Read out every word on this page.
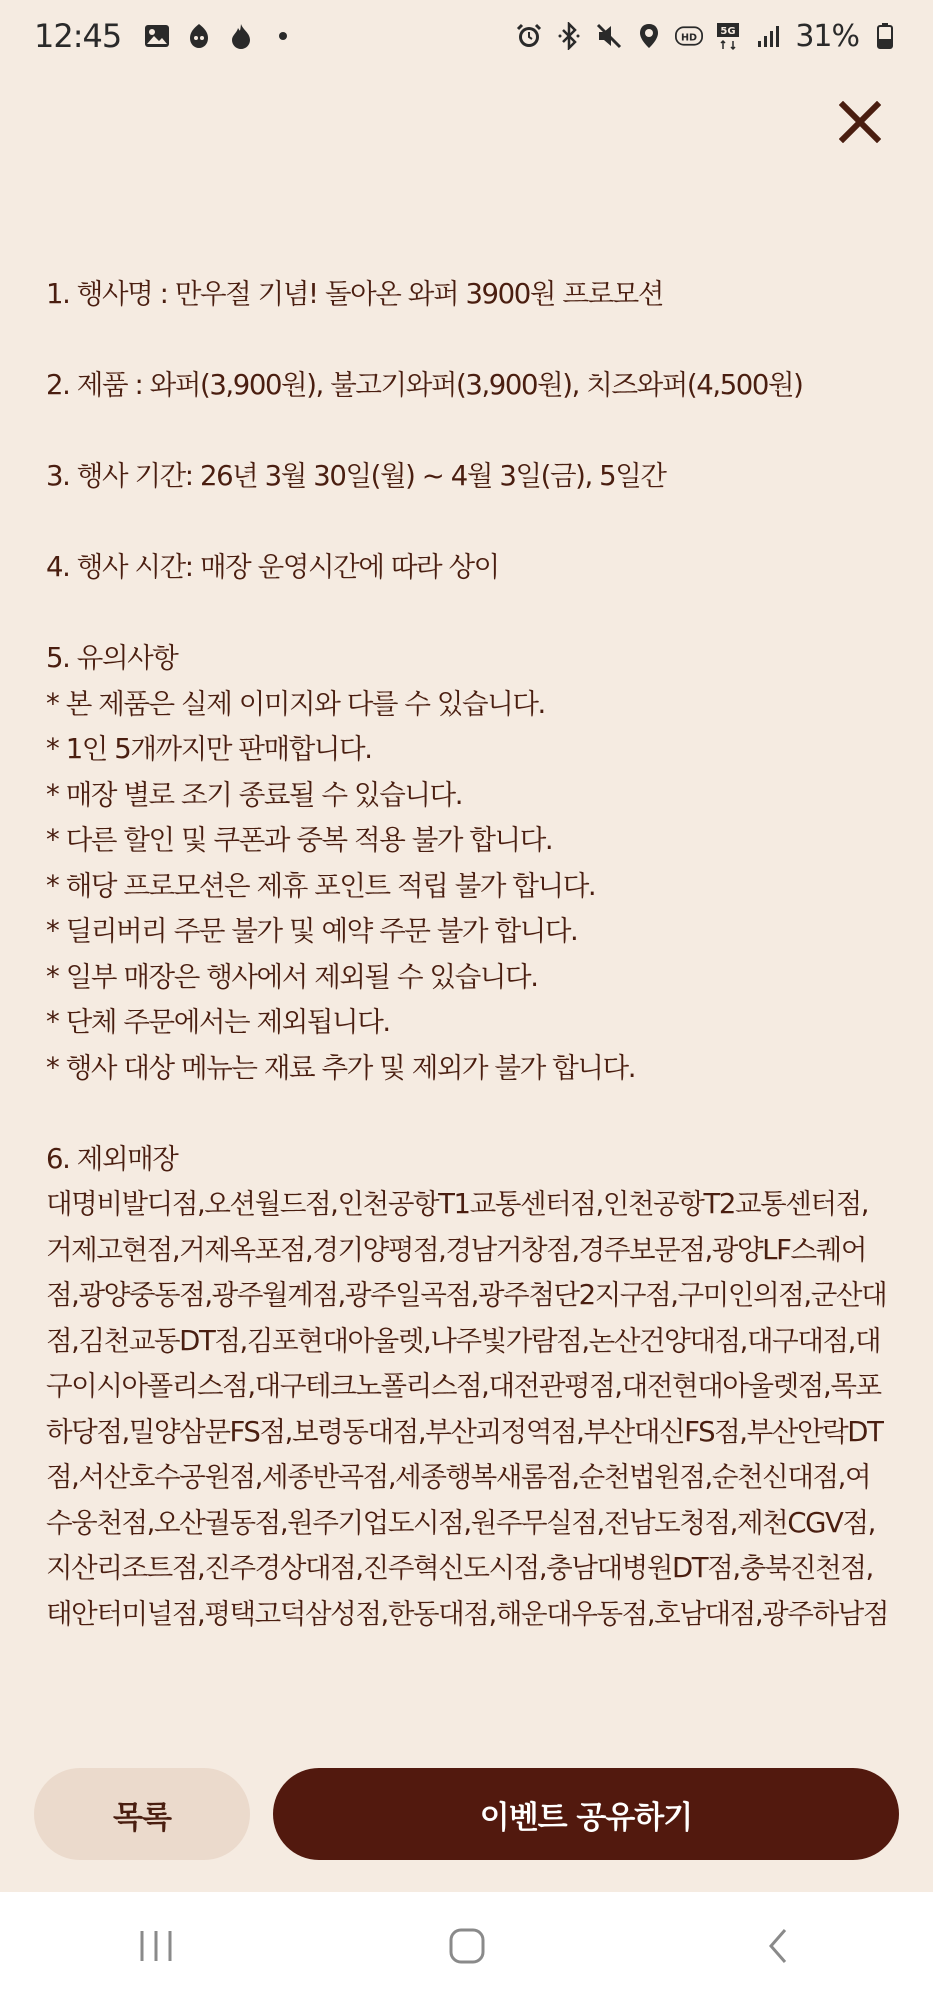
12:45	HD
5G 31%

1. 행사명 : 만우절 기념! 돌아온 와퍼 3900원 프로모션

2. 제품 : 와퍼(3,900원), 불고기와퍼(3,900원), 치즈와퍼(4,500원)

3. 행사 기간: 26년 3월 30일(월) ~ 4월 3일(금), 5일간

4. 행사 시간: 매장 운영시간에 따라 상이

5. 유의사항

* 본 제품은 실제 이미지와 다를 수 있습니다.

* 1인 5개까지만 판매합니다.

* 매장 별로 조기 종료될 수 있습니다.

* 다른 할인 및 쿠폰과 중복 적용 불가 합니다.

* 해당 프로모션은 제휴 포인트 적립 불가 합니다.

* 딜리버리 주문 불가 및 예약 주문 불가 합니다.

* 일부 매장은 행사에서 제외될 수 있습니다.

* 단체 주문에서는 제외됩니다.

* 행사 대상 메뉴는 재료 추가 및 제외가 불가 합니다.

6. 제외매장

대명비발디점,오션월드점,인천공항T1교통센터점,인천공항T2교통센터점,거제고현점,거제옥포점,경기양평점,경남거창점,경주보문점,광양LF스퀘어점,광양중동점,광주월계점,광주일곡점,광주첨단2지구점,구미인의점,군산대점,김천교동DT점,김포현대아울렛,나주빛가람점,논산건양대점,대구대점,대구이시아폴리스점,대구테크노폴리스점,대전관평점,대전현대아울렛점,목포하당점,밀양삼문FS점,보령동대점,부산괴정역점,부산대신FS점,부산안락DT점,서산호수공원점,세종반곡점,세종행복새롬점,순천법원점,순천신대점,여수웅천점,오산궐동점,원주기업도시점,원주무실점,전남도청점,제천CGV점,지산리조트점,진주경상대점,진주혁신도시점,충남대병원DT점,충북진천점,태안터미널점,평택고덕삼성점,한동대점,해운대우동점,호남대점,광주하남점

목록	이벤트 공유하기
